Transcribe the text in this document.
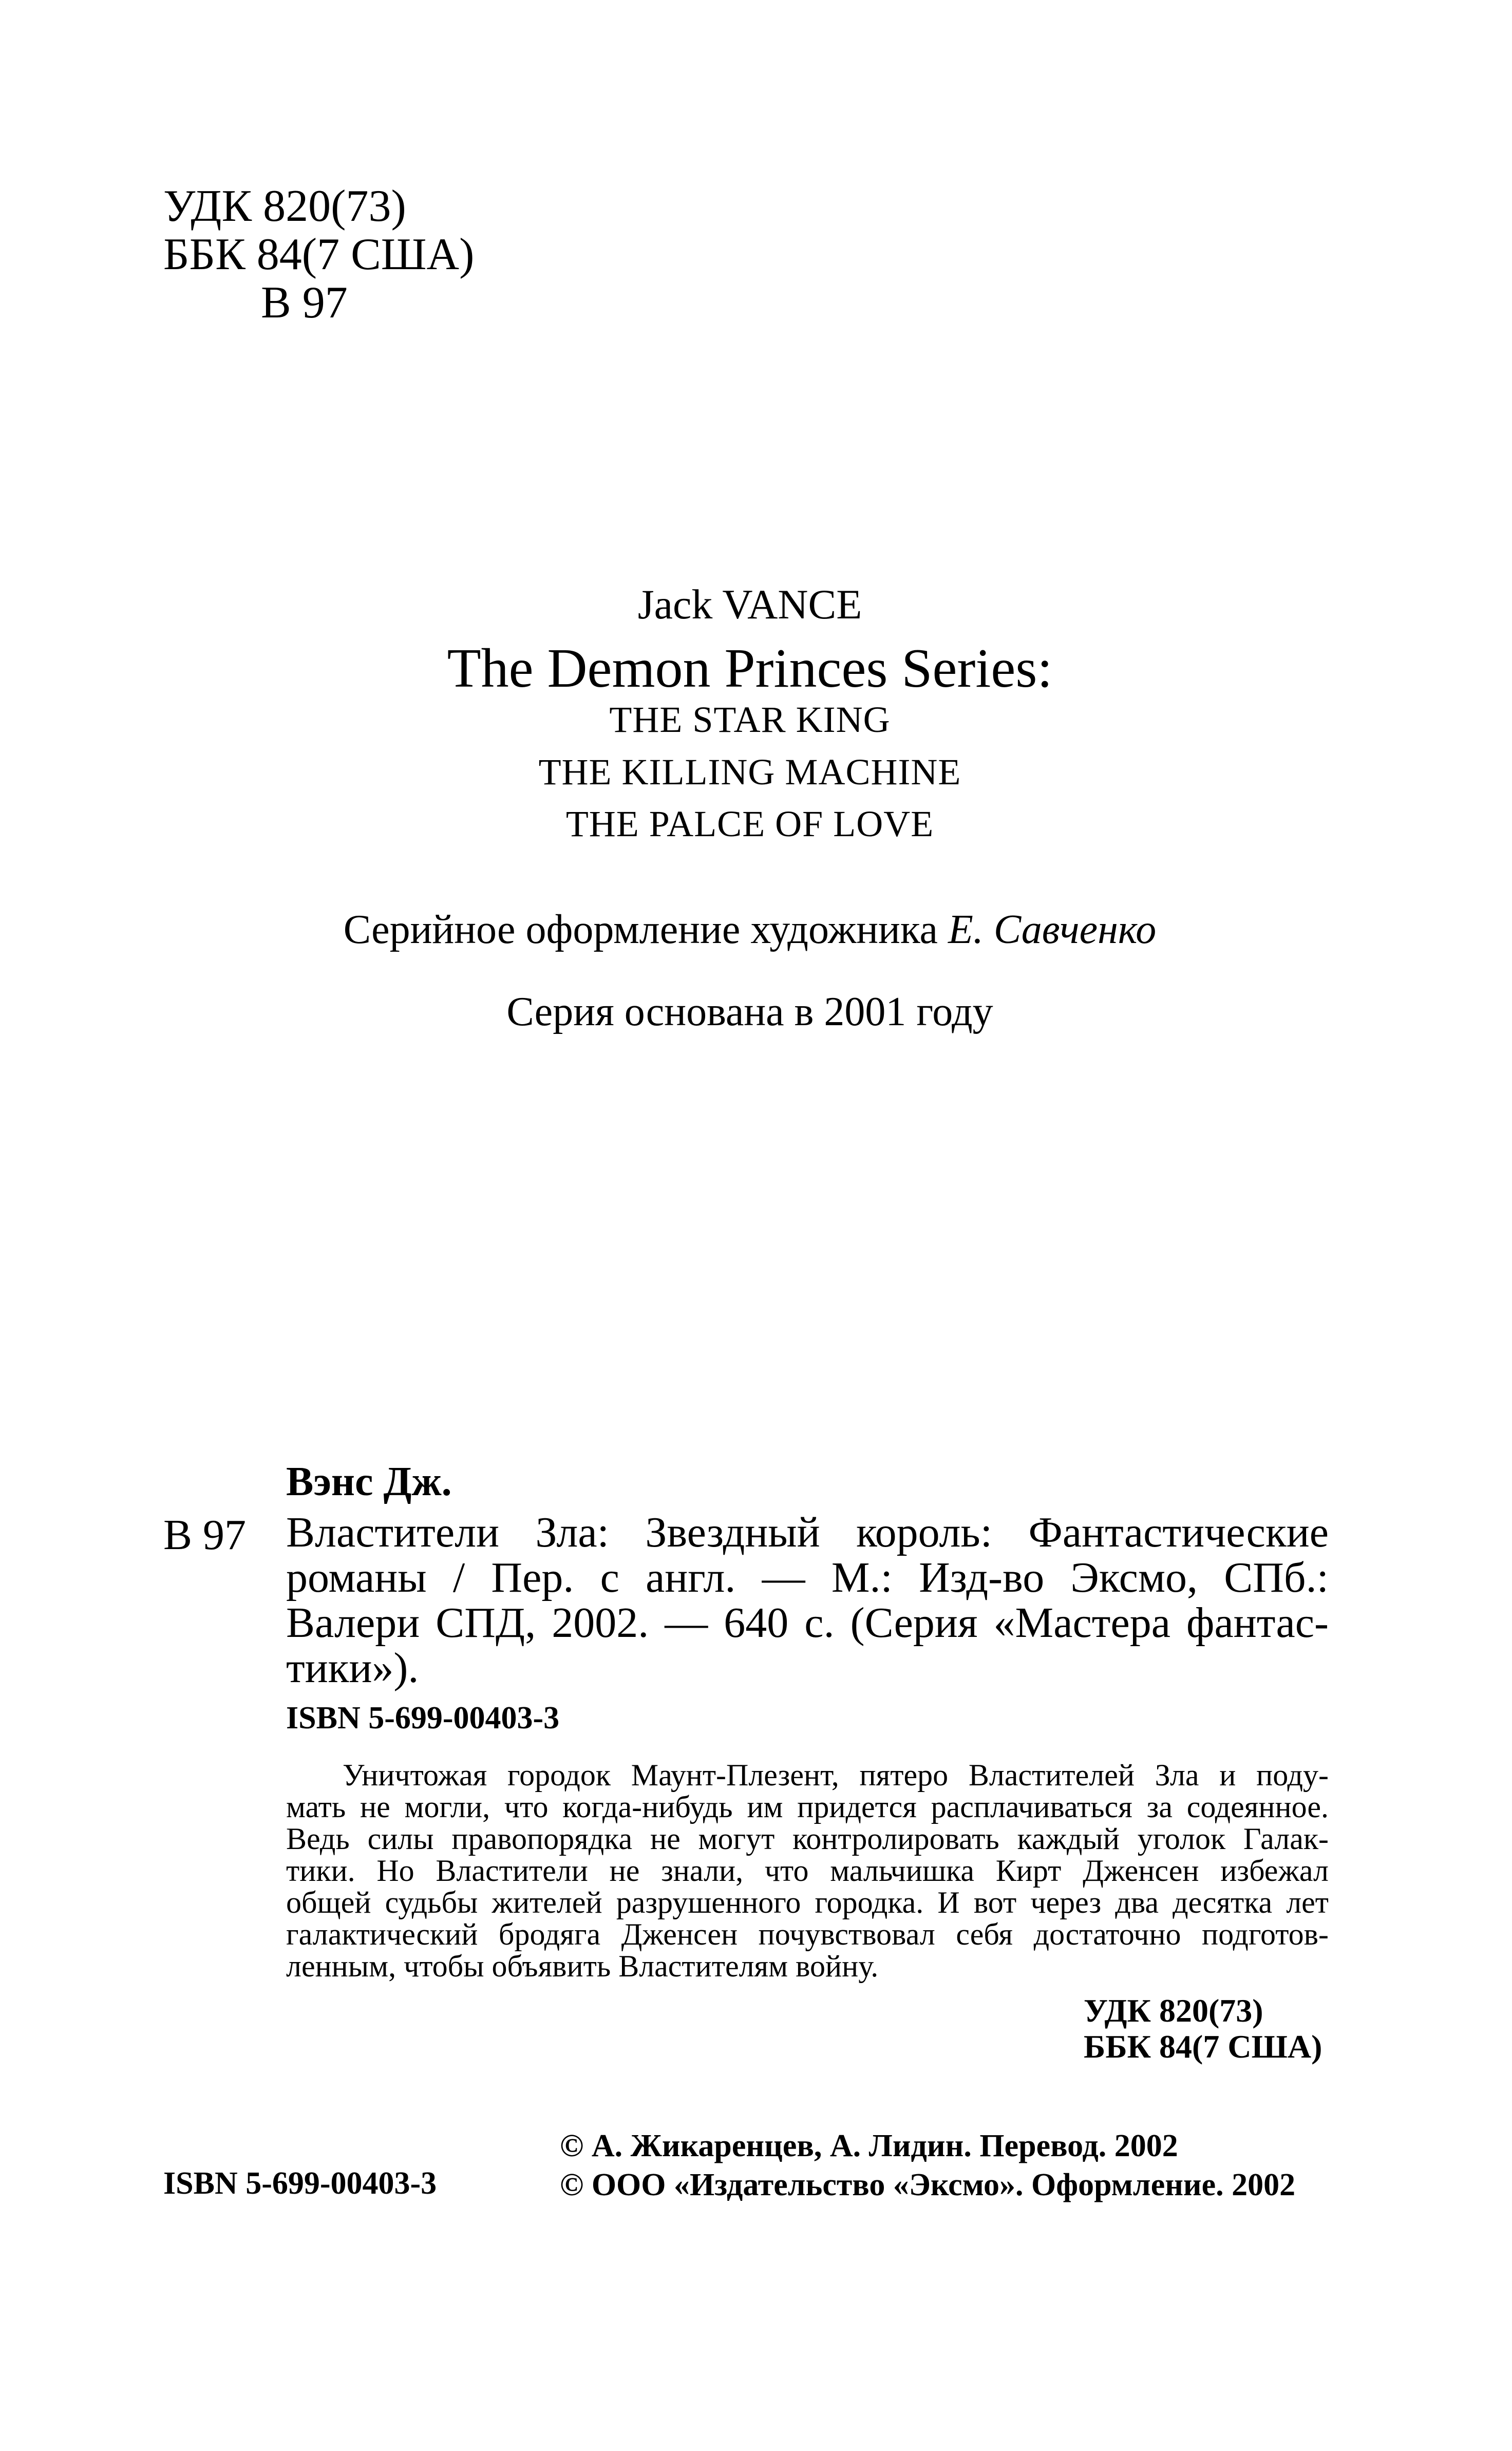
УДК 820(73)
ББК 84(7 США)
В 97
Jack VANCE
The Demon Princes Series:
THE STAR KING
THE KILLING MACHINE
THE PALCE OF LOVE
Серийное оформление художника Е. Савченко
Серия основана в 2001 году
Вэнс Дж.
В 97 Властители Зла: Звездный король: Фантастические
романы / Пер. с англ. — М.: Изд-во Эксмо, СПб.:
Валери СПД, 2002. — 640 с. (Серия «Мастера фантас-
тики»).
ISBN 5-699-00403-3
Уничтожая городок Маунт-Плезент, пятеро Властителей Зла и поду-
мать не могли, что когда-нибудь им придется расплачиваться за содеянное.
Ведь силы правопорядка не могут контролировать каждый уголок Галак-
тики. Но Властители не знали, что мальчишка Кирт Дженсен избежал
общей судьбы жителей разрушенного городка. И вот через два десятка лет
галактический бродяга Дженсен почувствовал себя достаточно подготов-
ленным, чтобы объявить Властителям войну.
УДК 820(73)
ББК 84(7 США)
© А. Жикаренцев, А. Лидин. Перевод. 2002
© ООО «Издательство «Эксмо». Оформление. 2002
ISBN 5-699-00403-3
